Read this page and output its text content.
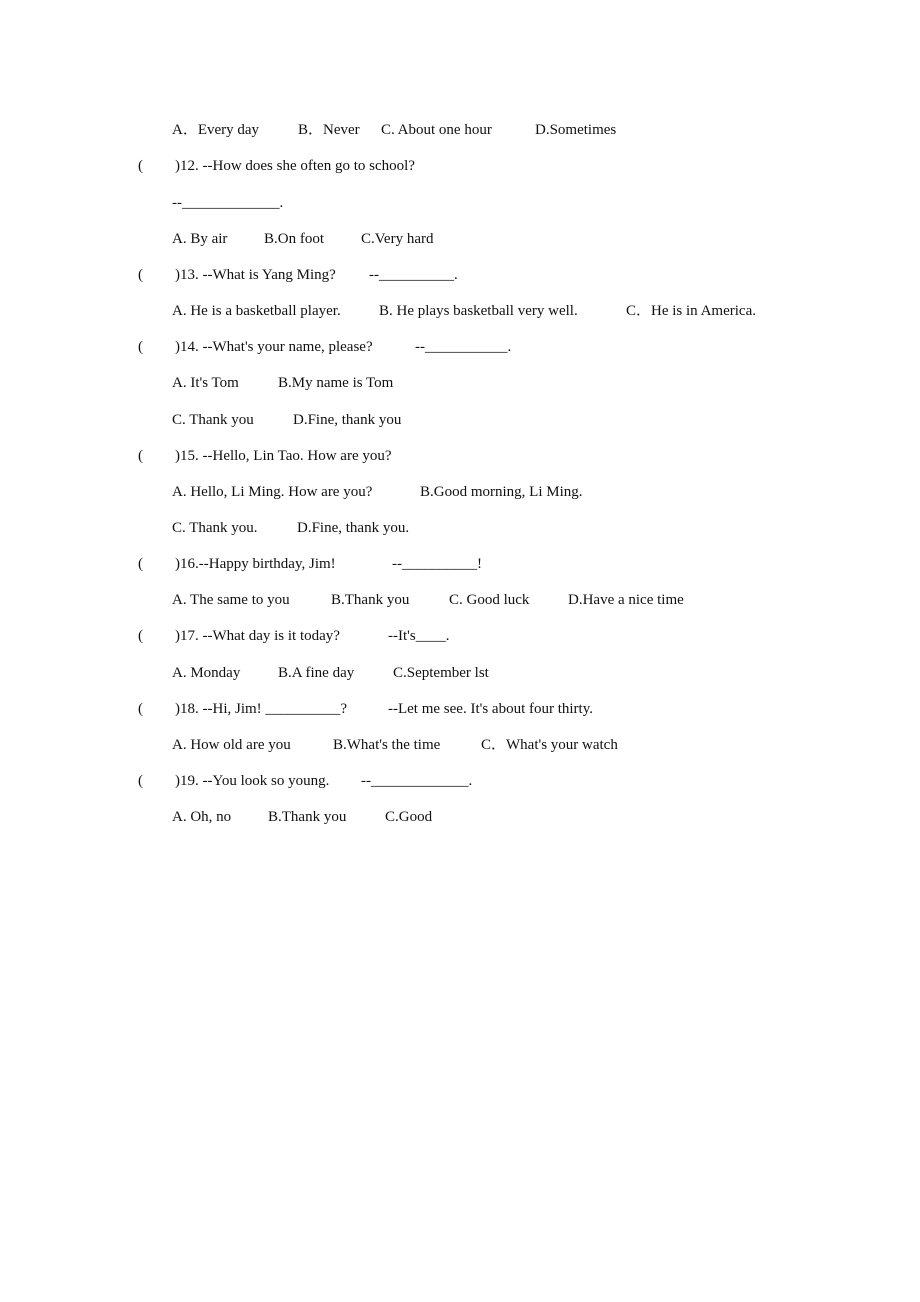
A．Every day	B．Never C. About one hour	D.Sometimes
( )12. --How does she often go to school?
--_____________.
A. By air B.On foot C.Very hard
( )13. --What is Yang Ming? --__________.
A. He is a basketball player.	B. He plays basketball very well.	C．He is in America.
( )14. --What's your name, please?	--___________.
A. It's Tom	B.My name is Tom
C. Thank you	D.Fine, thank you
( )15. --Hello, Lin Tao. How are you?
A. Hello, Li Ming. How are you?	B.Good morning, Li Ming.
C. Thank you.	D.Fine, thank you.
( )16.--Happy birthday, Jim!	--__________!
A. The same to you	B.Thank you	C. Good luck	D.Have a nice time
( )17. --What day is it today?	--It's____.
A. Monday	B.A fine day	C.September lst
( )18. --Hi, Jim! __________?	--Let me see. It's about four thirty.
A. How old are you	B.What's the time	C．What's your watch
( )19. --You look so young. --_____________.
A. Oh, no B.Thank you	C.Good
